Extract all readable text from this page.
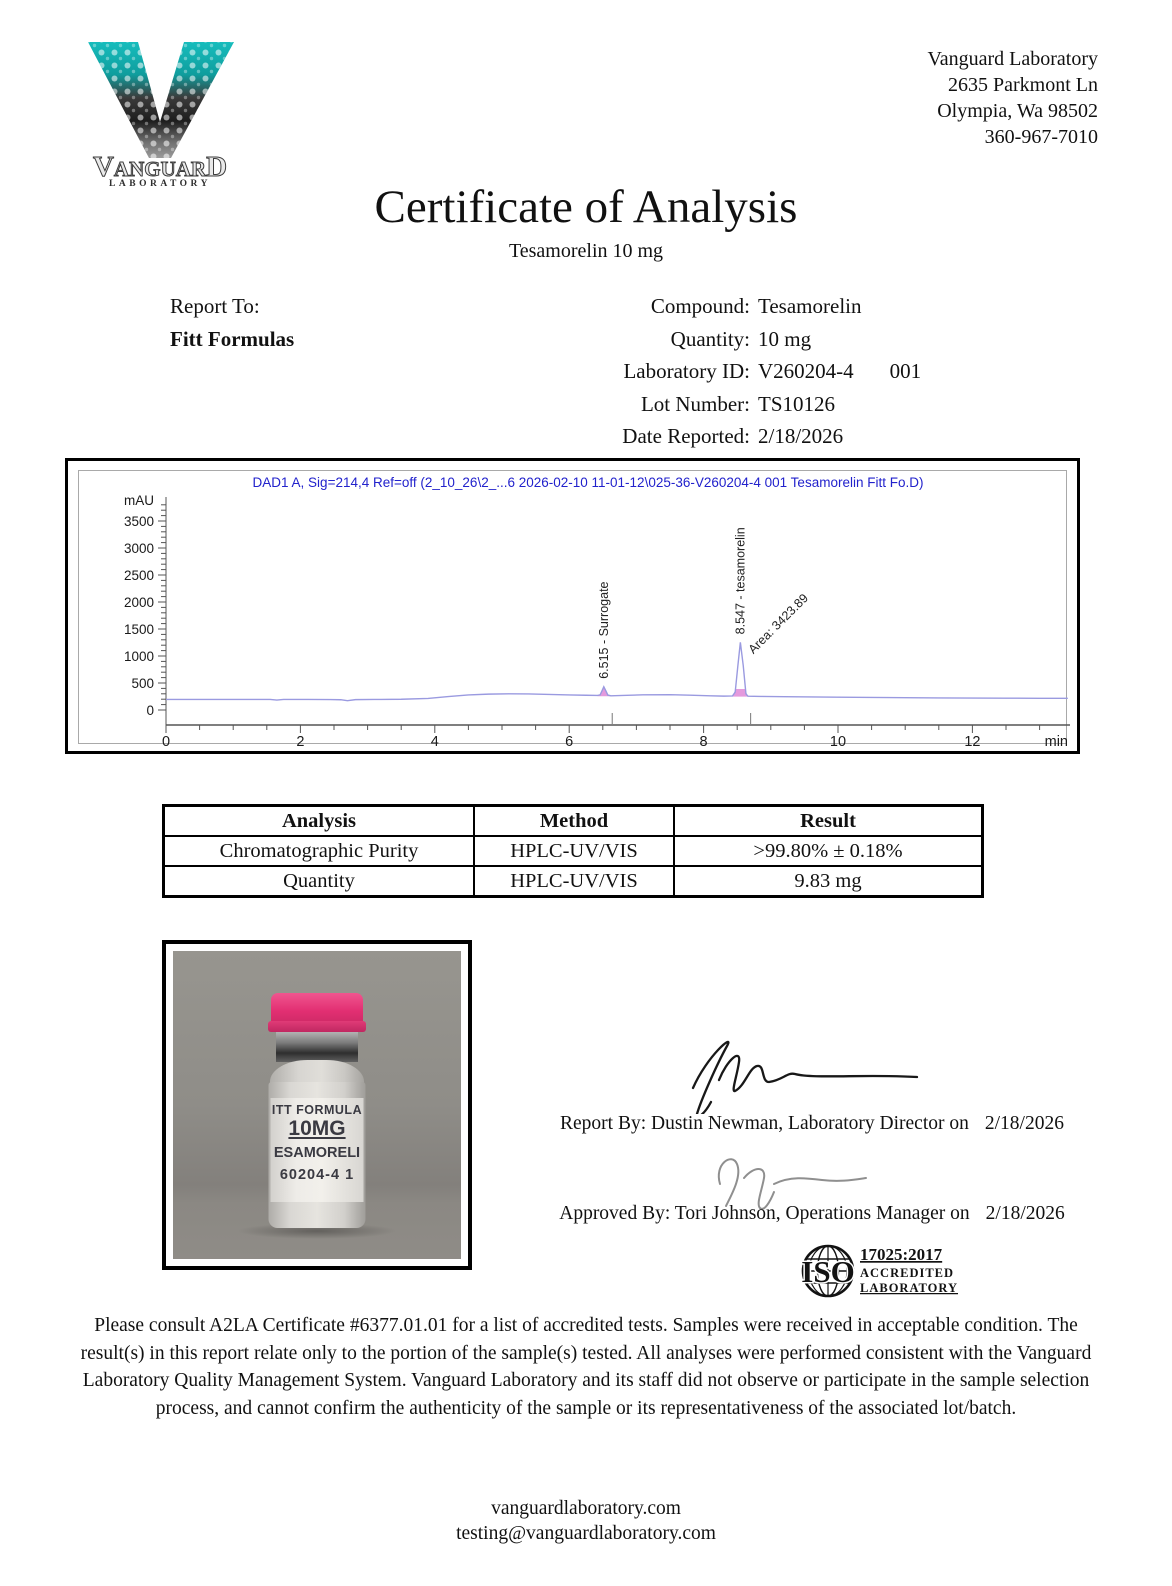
VANGUARD
LABORATORY
Vanguard Laboratory
2635 Parkmont Ln
Olympia, Wa 98502
360-967-7010
Certificate of Analysis
Tesamorelin 10 mg
Report To:
Fitt Formulas
Compound: Tesamorelin
Quantity: 10 mg
Laboratory ID: V260204-4 001
Lot Number: TS10126
Date Reported: 2/18/2026
DAD1 A, Sig=214,4 Ref=off (2_10_26\2_...6 2026-02-10 11-01-12\025-36-V260204-4 001 Tesamorelin Fitt Fo.D)
0
500
1000
1500
2000
2500
3000
3500
mAU
0	2	4	6	8	10	12	min
6.515 - Surrogate	8.547 - tesamorelin
Area: 3423.89
Analysis	Method	Result
Chromatographic Purity	HPLC-UV/VIS	>99.80% ± 0.18%
Quantity	HPLC-UV/VIS	9.83 mg
ITT FORMULA
10MG
ESAMORELI
60204-4 1
Report By: Dustin Newman, Laboratory Director on 2/18/2026
Approved By: Tori Johnson, Operations Manager on 2/18/2026
ISO 17025:2017
ACCREDITED
LABORATORY
Please consult A2LA Certificate #6377.01.01 for a list of accredited tests. Samples were received in acceptable condition. The result(s) in this report relate only to the portion of the sample(s) tested. All analyses were performed consistent with the Vanguard Laboratory Quality Management System. Vanguard Laboratory and its staff did not observe or participate in the sample selection process, and cannot confirm the authenticity of the sample or its representativeness of the associated lot/batch.
vanguardlaboratory.com
testing@vanguardlaboratory.com
